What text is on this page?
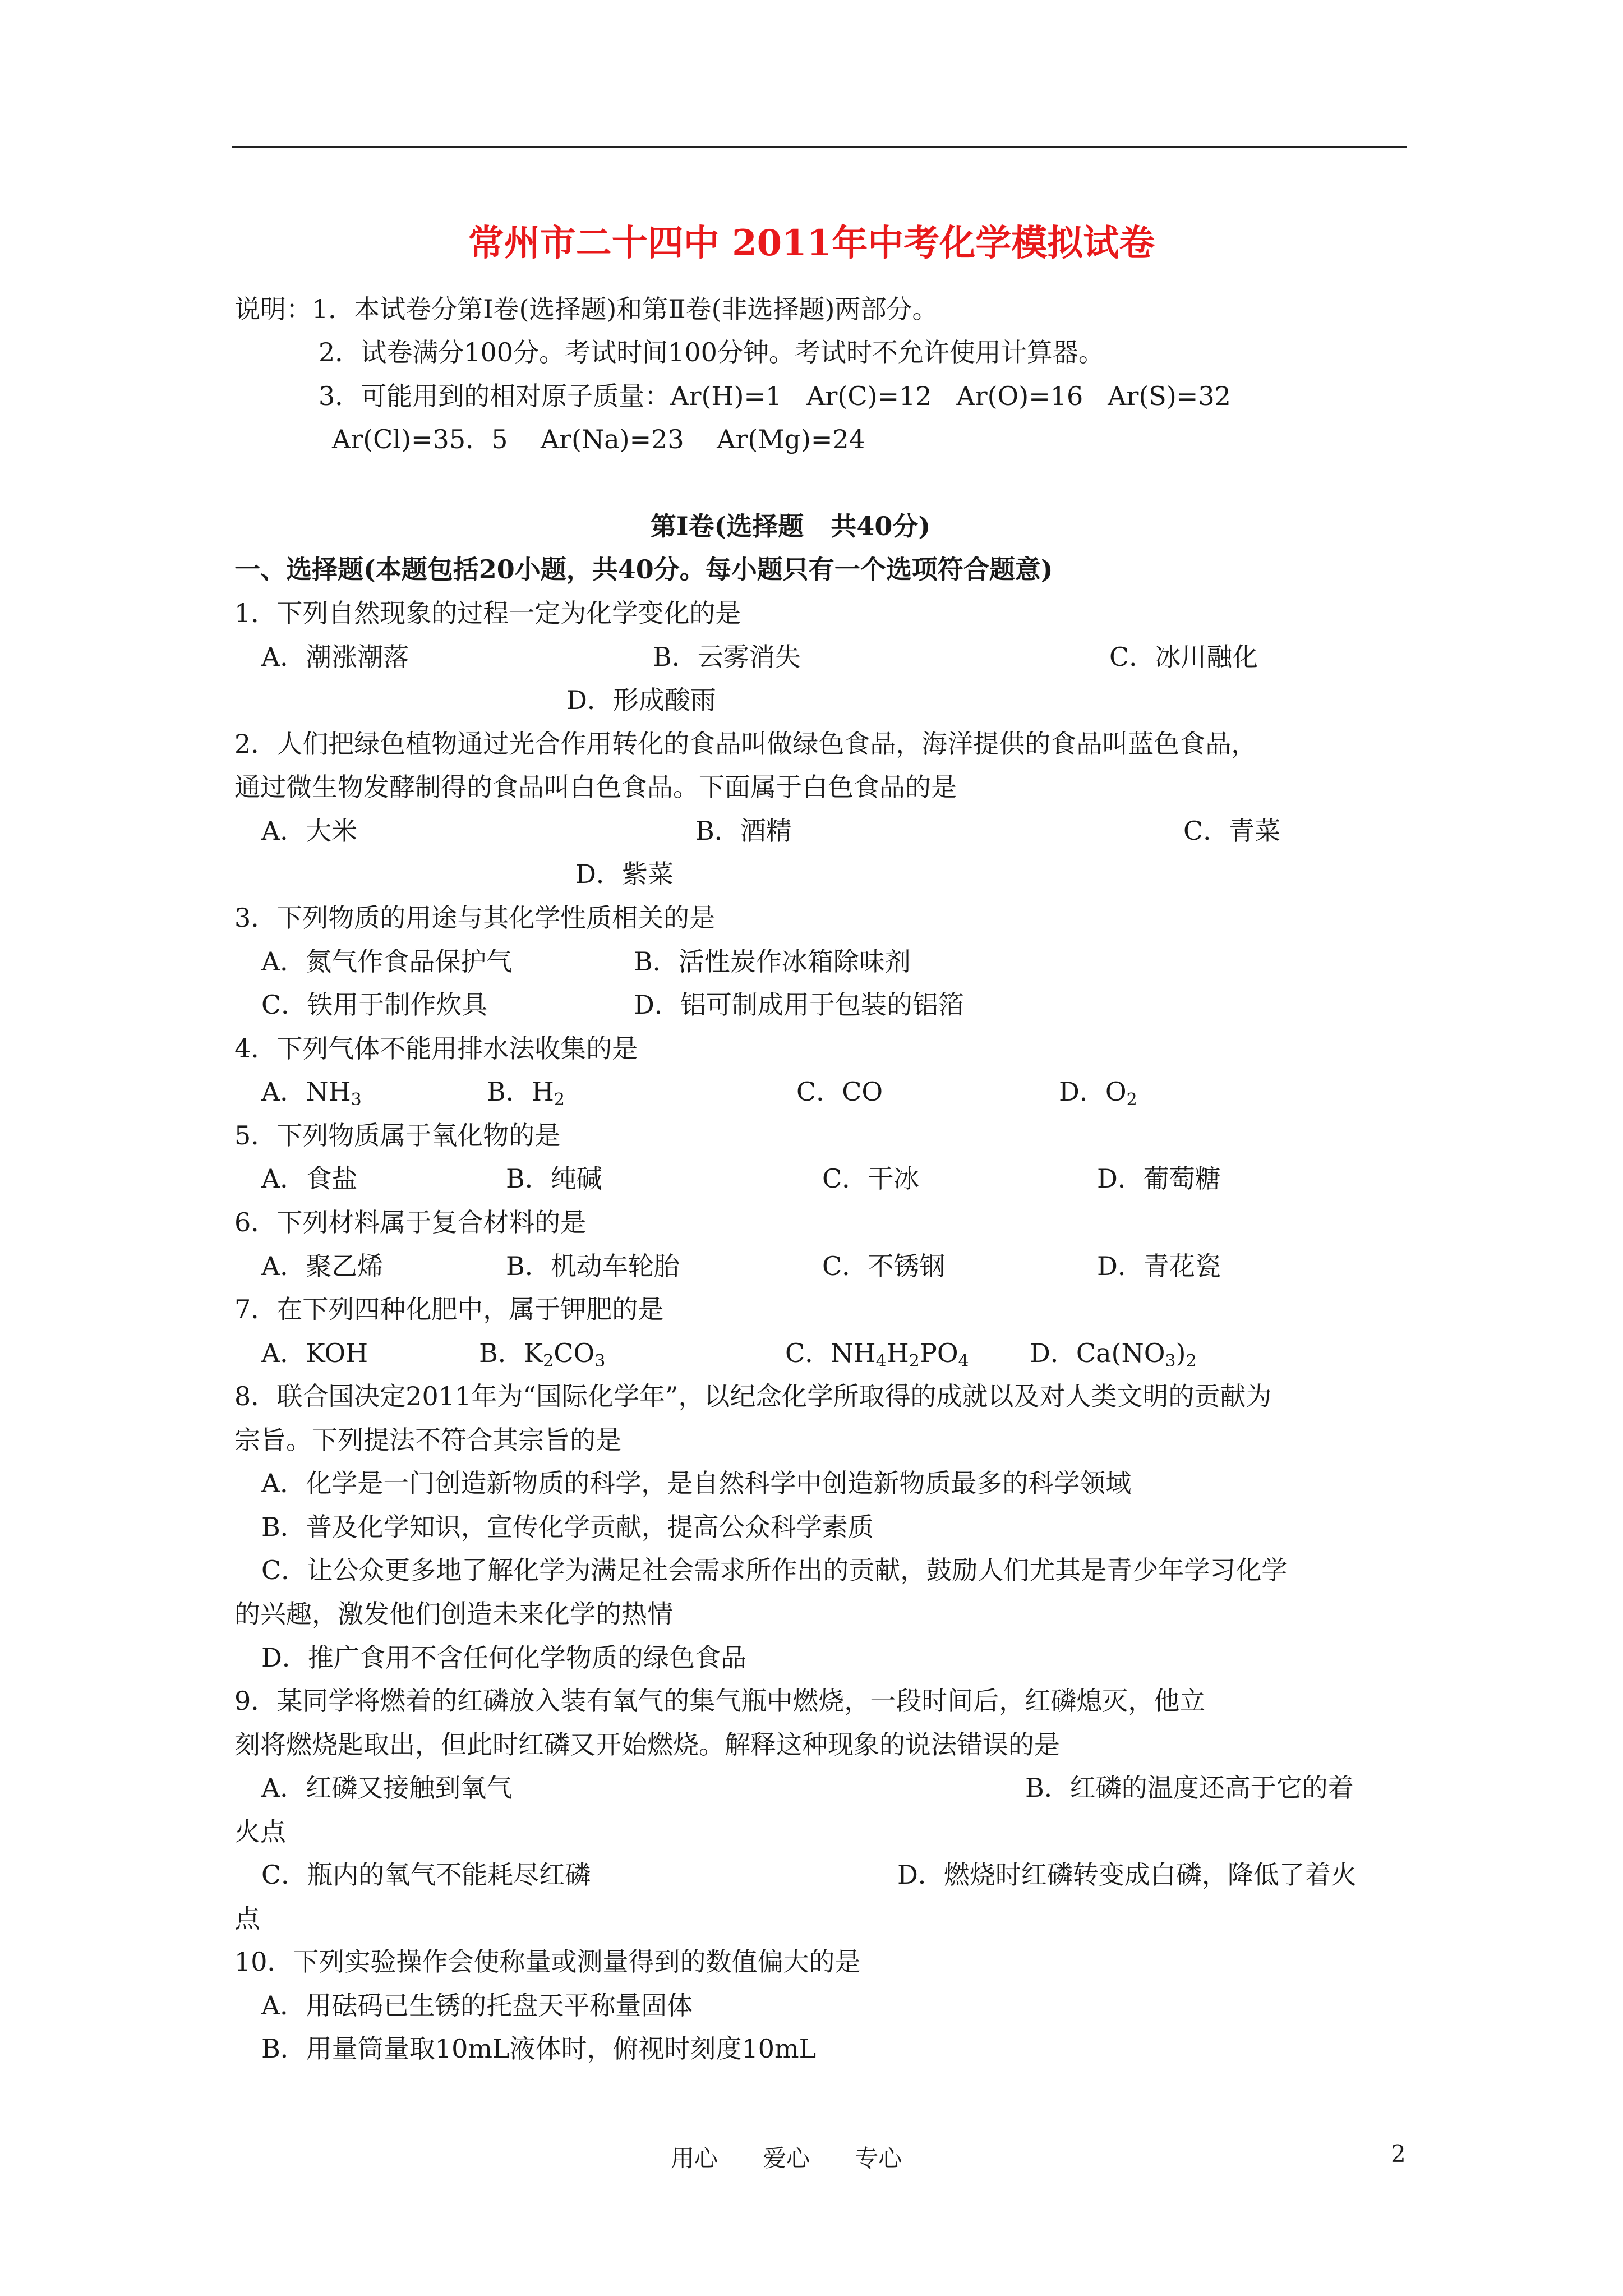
常州市二十四中 2011年中考化学模拟试卷
说明：1．本试卷分第Ⅰ卷(选择题)和第Ⅱ卷(非选择题)两部分。
2．试卷满分100分。考试时间100分钟。考试时不允许使用计算器。
3．可能用到的相对原子质量：Ar(H)=1   Ar(C)=12   Ar(O)=16   Ar(S)=32
Ar(Cl)=35．5    Ar(Na)=23    Ar(Mg)=24
第Ⅰ卷(选择题   共40分)
一、选择题(本题包括20小题，共40分。每小题只有一个选项符合题意)
1．下列自然现象的过程一定为化学变化的是
A．潮涨潮落	B．云雾消失	C．冰川融化
D．形成酸雨
2．人们把绿色植物通过光合作用转化的食品叫做绿色食品，海洋提供的食品叫蓝色食品，
通过微生物发酵制得的食品叫白色食品。下面属于白色食品的是
A．大米	B．酒精	C．青菜
D．紫菜
3．下列物质的用途与其化学性质相关的是
A．氮气作食品保护气	B．活性炭作冰箱除味剂
C．铁用于制作炊具	D．铝可制成用于包装的铝箔
4．下列气体不能用排水法收集的是
A．$NH_3$	B．$H_2$	C．CO	D．$O_2$
5．下列物质属于氧化物的是
A．食盐	B．纯碱	C．干冰	D．葡萄糖
6．下列材料属于复合材料的是
A．聚乙烯	B．机动车轮胎	C．不锈钢	D．青花瓷
7．在下列四种化肥中，属于钾肥的是
A．KOH	B．$K_2CO_3$	C．$NH_4H_2PO_4$ D．$Ca(NO_3)_2$
8．联合国决定2011年为“国际化学年”，以纪念化学所取得的成就以及对人类文明的贡献为
宗旨。下列提法不符合其宗旨的是
A．化学是一门创造新物质的科学，是自然科学中创造新物质最多的科学领域
B．普及化学知识，宣传化学贡献，提高公众科学素质
C．让公众更多地了解化学为满足社会需求所作出的贡献，鼓励人们尤其是青少年学习化学
的兴趣，激发他们创造未来化学的热情
D．推广食用不含任何化学物质的绿色食品
9．某同学将燃着的红磷放入装有氧气的集气瓶中燃烧，一段时间后，红磷熄灭，他立
刻将燃烧匙取出，但此时红磷又开始燃烧。解释这种现象的说法错误的是
A．红磷又接触到氧气	B．红磷的温度还高于它的着
火点
C．瓶内的氧气不能耗尽红磷	D．燃烧时红磷转变成白磷，降低了着火
点
10．下列实验操作会使称量或测量得到的数值偏大的是
A．用砝码已生锈的托盘天平称量固体
B．用量筒量取10mL液体时，俯视时刻度10mL
用心      爱心      专心	2
